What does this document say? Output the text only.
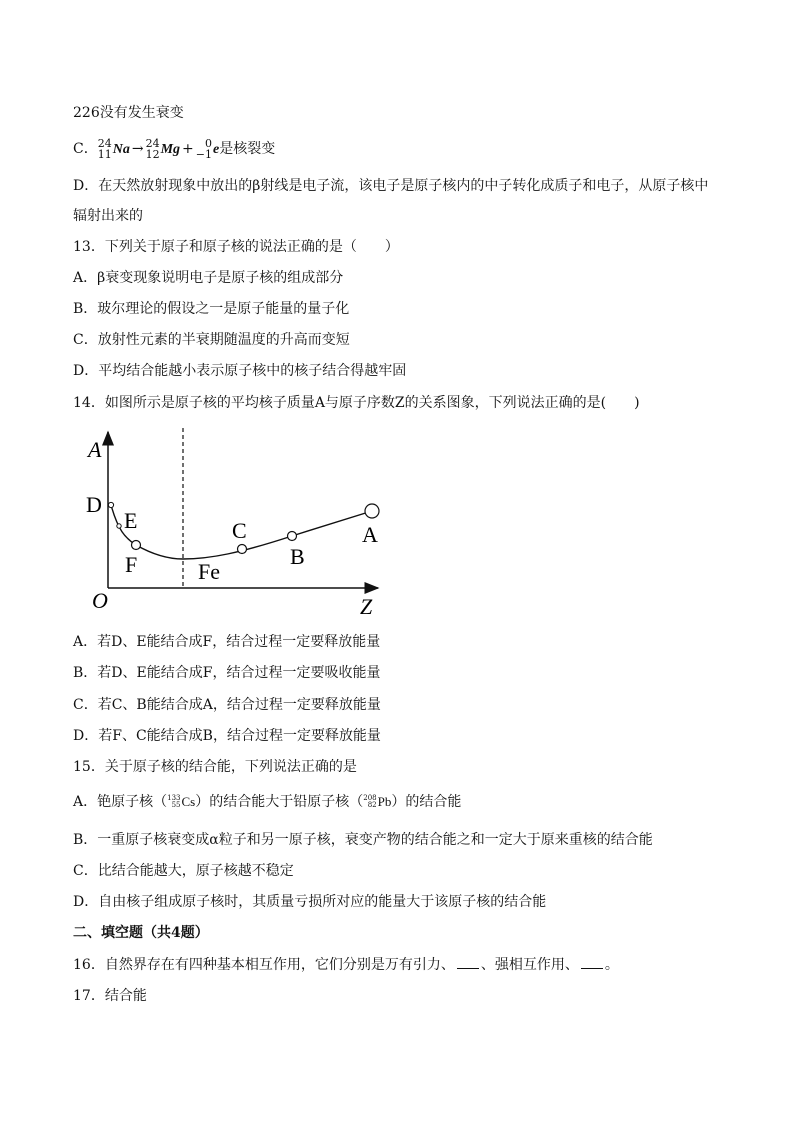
226没有发生衰变
C． 24
11 Na → 24
12 Mg + 0
−1 e是核裂变
D．在天然放射现象中放出的β射线是电子流，该电子是原子核内的中子转化成质子和电子，从原子核中
辐射出来的
13．下列关于原子和原子核的说法正确的是（　　）
A．β衰变现象说明电子是原子核的组成部分
B．玻尔理论的假设之一是原子能量的量子化
C．放射性元素的半衰期随温度的升高而变短
D．平均结合能越小表示原子核中的核子结合得越牢固
14．如图所示是原子核的平均核子质量A与原子序数Z的关系图象，下列说法正确的是(　　)
A
Z
O
D
E
F	Fe
C
B
A
A．若D、E能结合成F，结合过程一定要释放能量
B．若D、E能结合成F，结合过程一定要吸收能量
C．若C、B能结合成A，结合过程一定要释放能量
D．若F、C能结合成B，结合过程一定要释放能量
15．关于原子核的结合能，下列说法正确的是
A．铯原子核（ 133
55 Cs）的结合能大于铅原子核（ 208
82 Pb）的结合能
B．一重原子核衰变成α粒子和另一原子核，衰变产物的结合能之和一定大于原来重核的结合能
C．比结合能越大，原子核越不稳定
D．自由核子组成原子核时，其质量亏损所对应的能量大于该原子核的结合能
二、填空题（共4题）
16．自然界存在有四种基本相互作用，它们分别是万有引力、 、强相互作用、 。
17．结合能
